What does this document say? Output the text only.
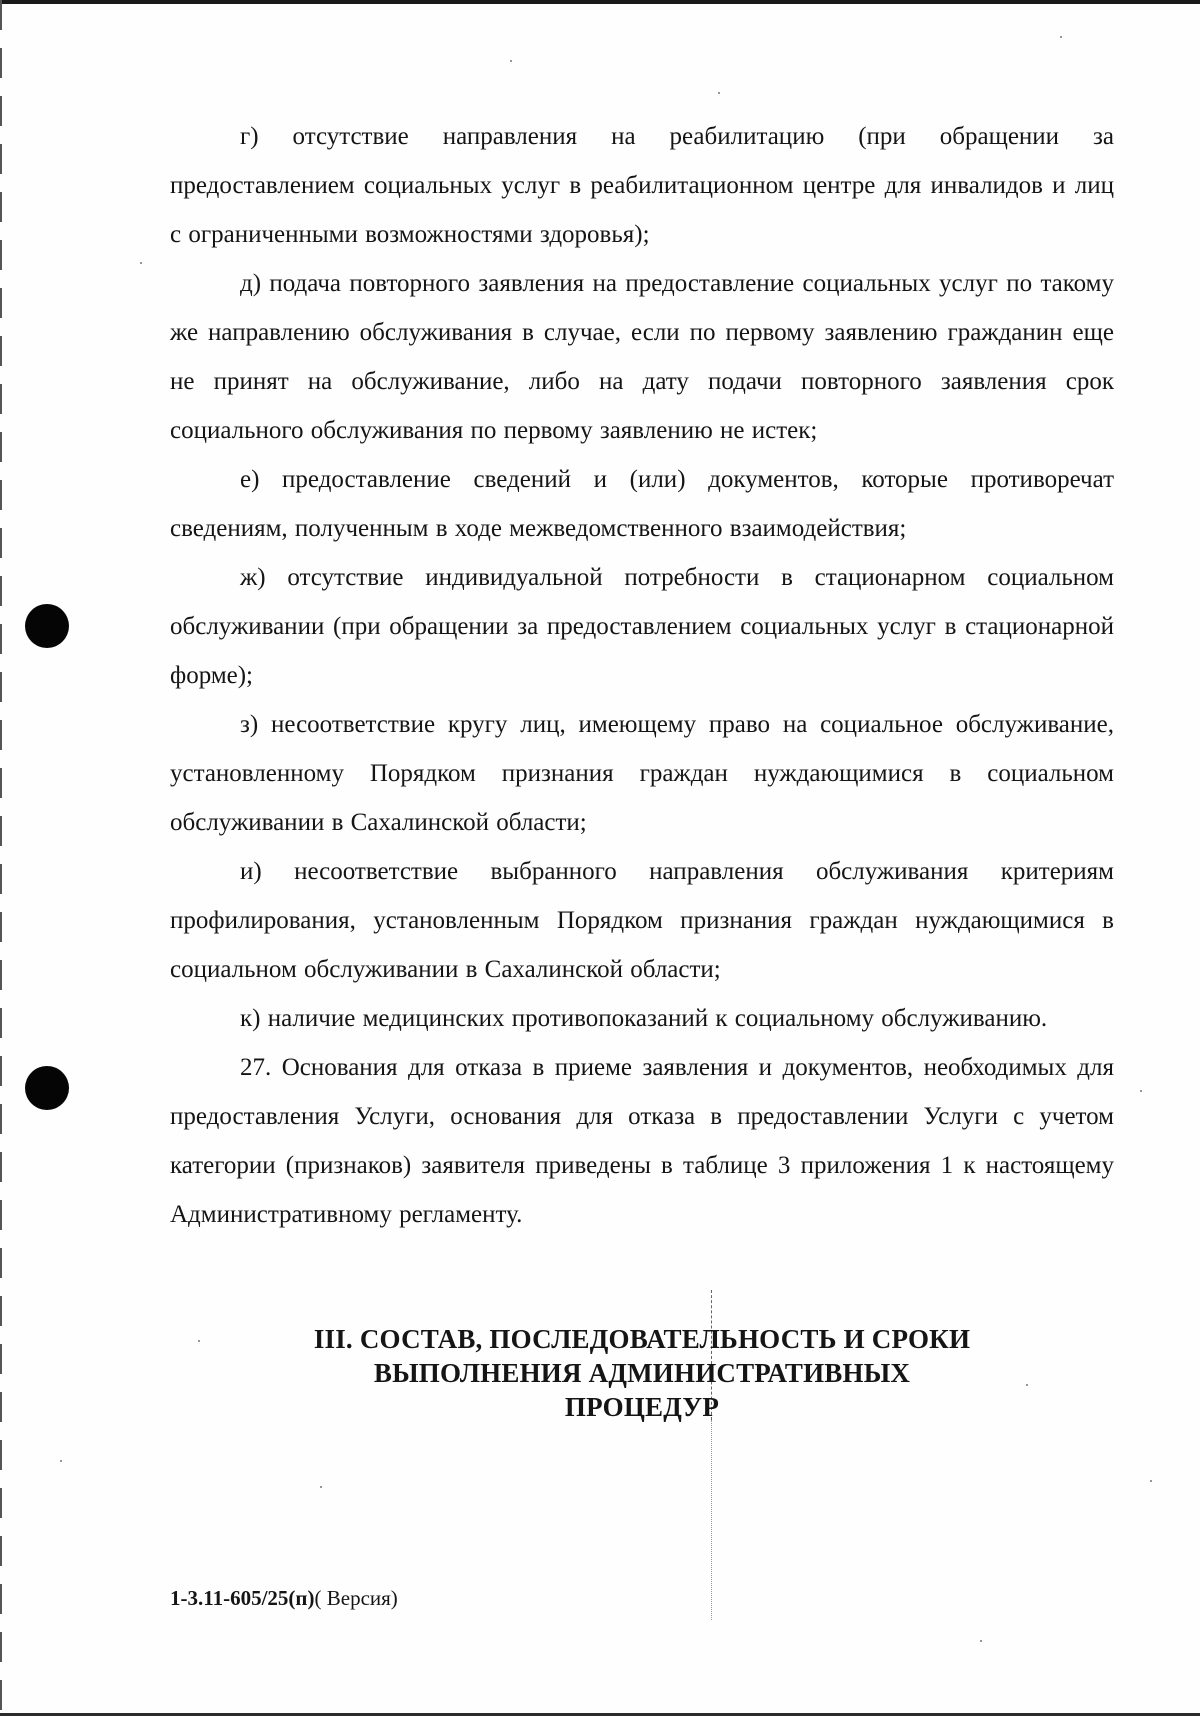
г) отсутствие направления на реабилитацию (при обращении за предоставлением социальных услуг в реабилитационном центре для инвалидов и лиц с ограниченными возможностями здоровья);

д) подача повторного заявления на предоставление социальных услуг по такому же направлению обслуживания в случае, если по первому заявлению гражданин еще не принят на обслуживание, либо на дату подачи повторного заявления срок социального обслуживания по первому заявлению не истек;

е) предоставление сведений и (или) документов, которые противоречат сведениям, полученным в ходе межведомственного взаимодействия;

ж) отсутствие индивидуальной потребности в стационарном социальном обслуживании (при обращении за предоставлением социальных услуг в стационарной форме);

з) несоответствие кругу лиц, имеющему право на социальное обслуживание, установленному Порядком признания граждан нуждающимися в социальном обслуживании в Сахалинской области;

и) несоответствие выбранного направления обслуживания критериям профилирования, установленным Порядком признания граждан нуждающимися в социальном обслуживании в Сахалинской области;

к) наличие медицинских противопоказаний к социальному обслуживанию.

27. Основания для отказа в приеме заявления и документов, необходимых для предоставления Услуги, основания для отказа в предоставлении Услуги с учетом категории (признаков) заявителя приведены в таблице 3 приложения 1 к настоящему Административному регламенту.

III. СОСТАВ, ПОСЛЕДОВАТЕЛЬНОСТЬ И СРОКИ
ВЫПОЛНЕНИЯ АДМИНИСТРАТИВНЫХ
ПРОЦЕДУР
1-3.11-605/25(п)( Версия)
